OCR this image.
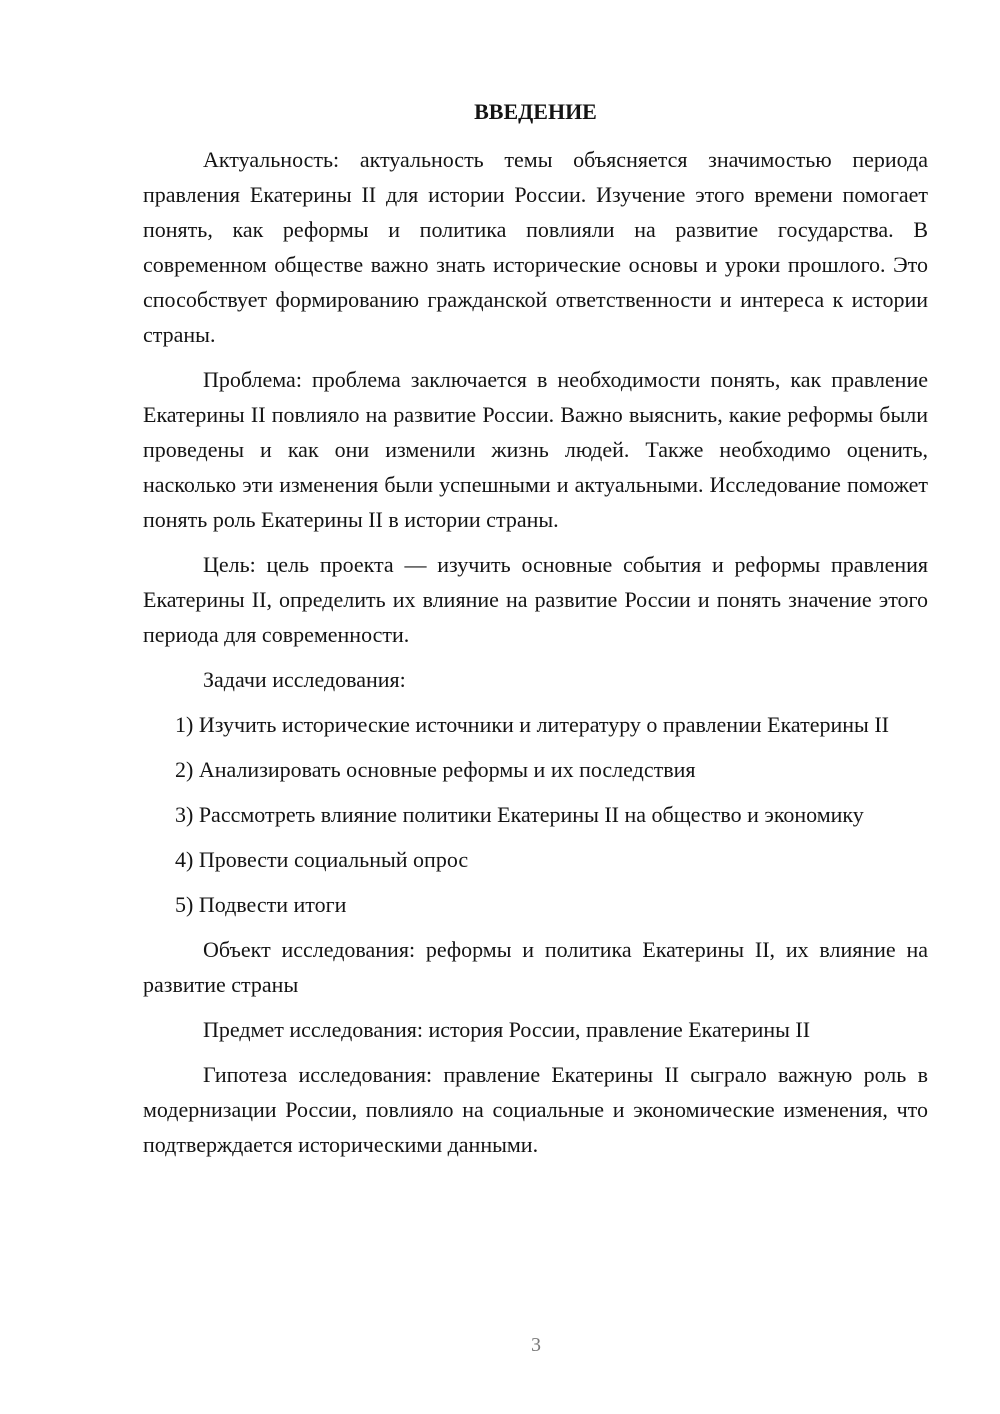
ВВЕДЕНИЕ

Актуальность: актуальность темы объясняется значимостью периода правления Екатерины II для истории России. Изучение этого времени помогает понять, как реформы и политика повлияли на развитие государства. В современном обществе важно знать исторические основы и уроки прошлого. Это способствует формированию гражданской ответственности и интереса к истории страны.

Проблема: проблема заключается в необходимости понять, как правление Екатерины II повлияло на развитие России. Важно выяснить, какие реформы были проведены и как они изменили жизнь людей. Также необходимо оценить, насколько эти изменения были успешными и актуальными. Исследование поможет понять роль Екатерины II в истории страны.

Цель: цель проекта — изучить основные события и реформы правления Екатерины II, определить их влияние на развитие России и понять значение этого периода для современности.

Задачи исследования:

1) Изучить исторические источники и литературу о правлении Екатерины II

2) Анализировать основные реформы и их последствия

3) Рассмотреть влияние политики Екатерины II на общество и экономику

4) Провести социальный опрос

5) Подвести итоги

Объект исследования: реформы и политика Екатерины II, их влияние на развитие страны

Предмет исследования: история России, правление Екатерины II

Гипотеза исследования: правление Екатерины II сыграло важную роль в модернизации России, повлияло на социальные и экономические изменения, что подтверждается историческими данными.

3
